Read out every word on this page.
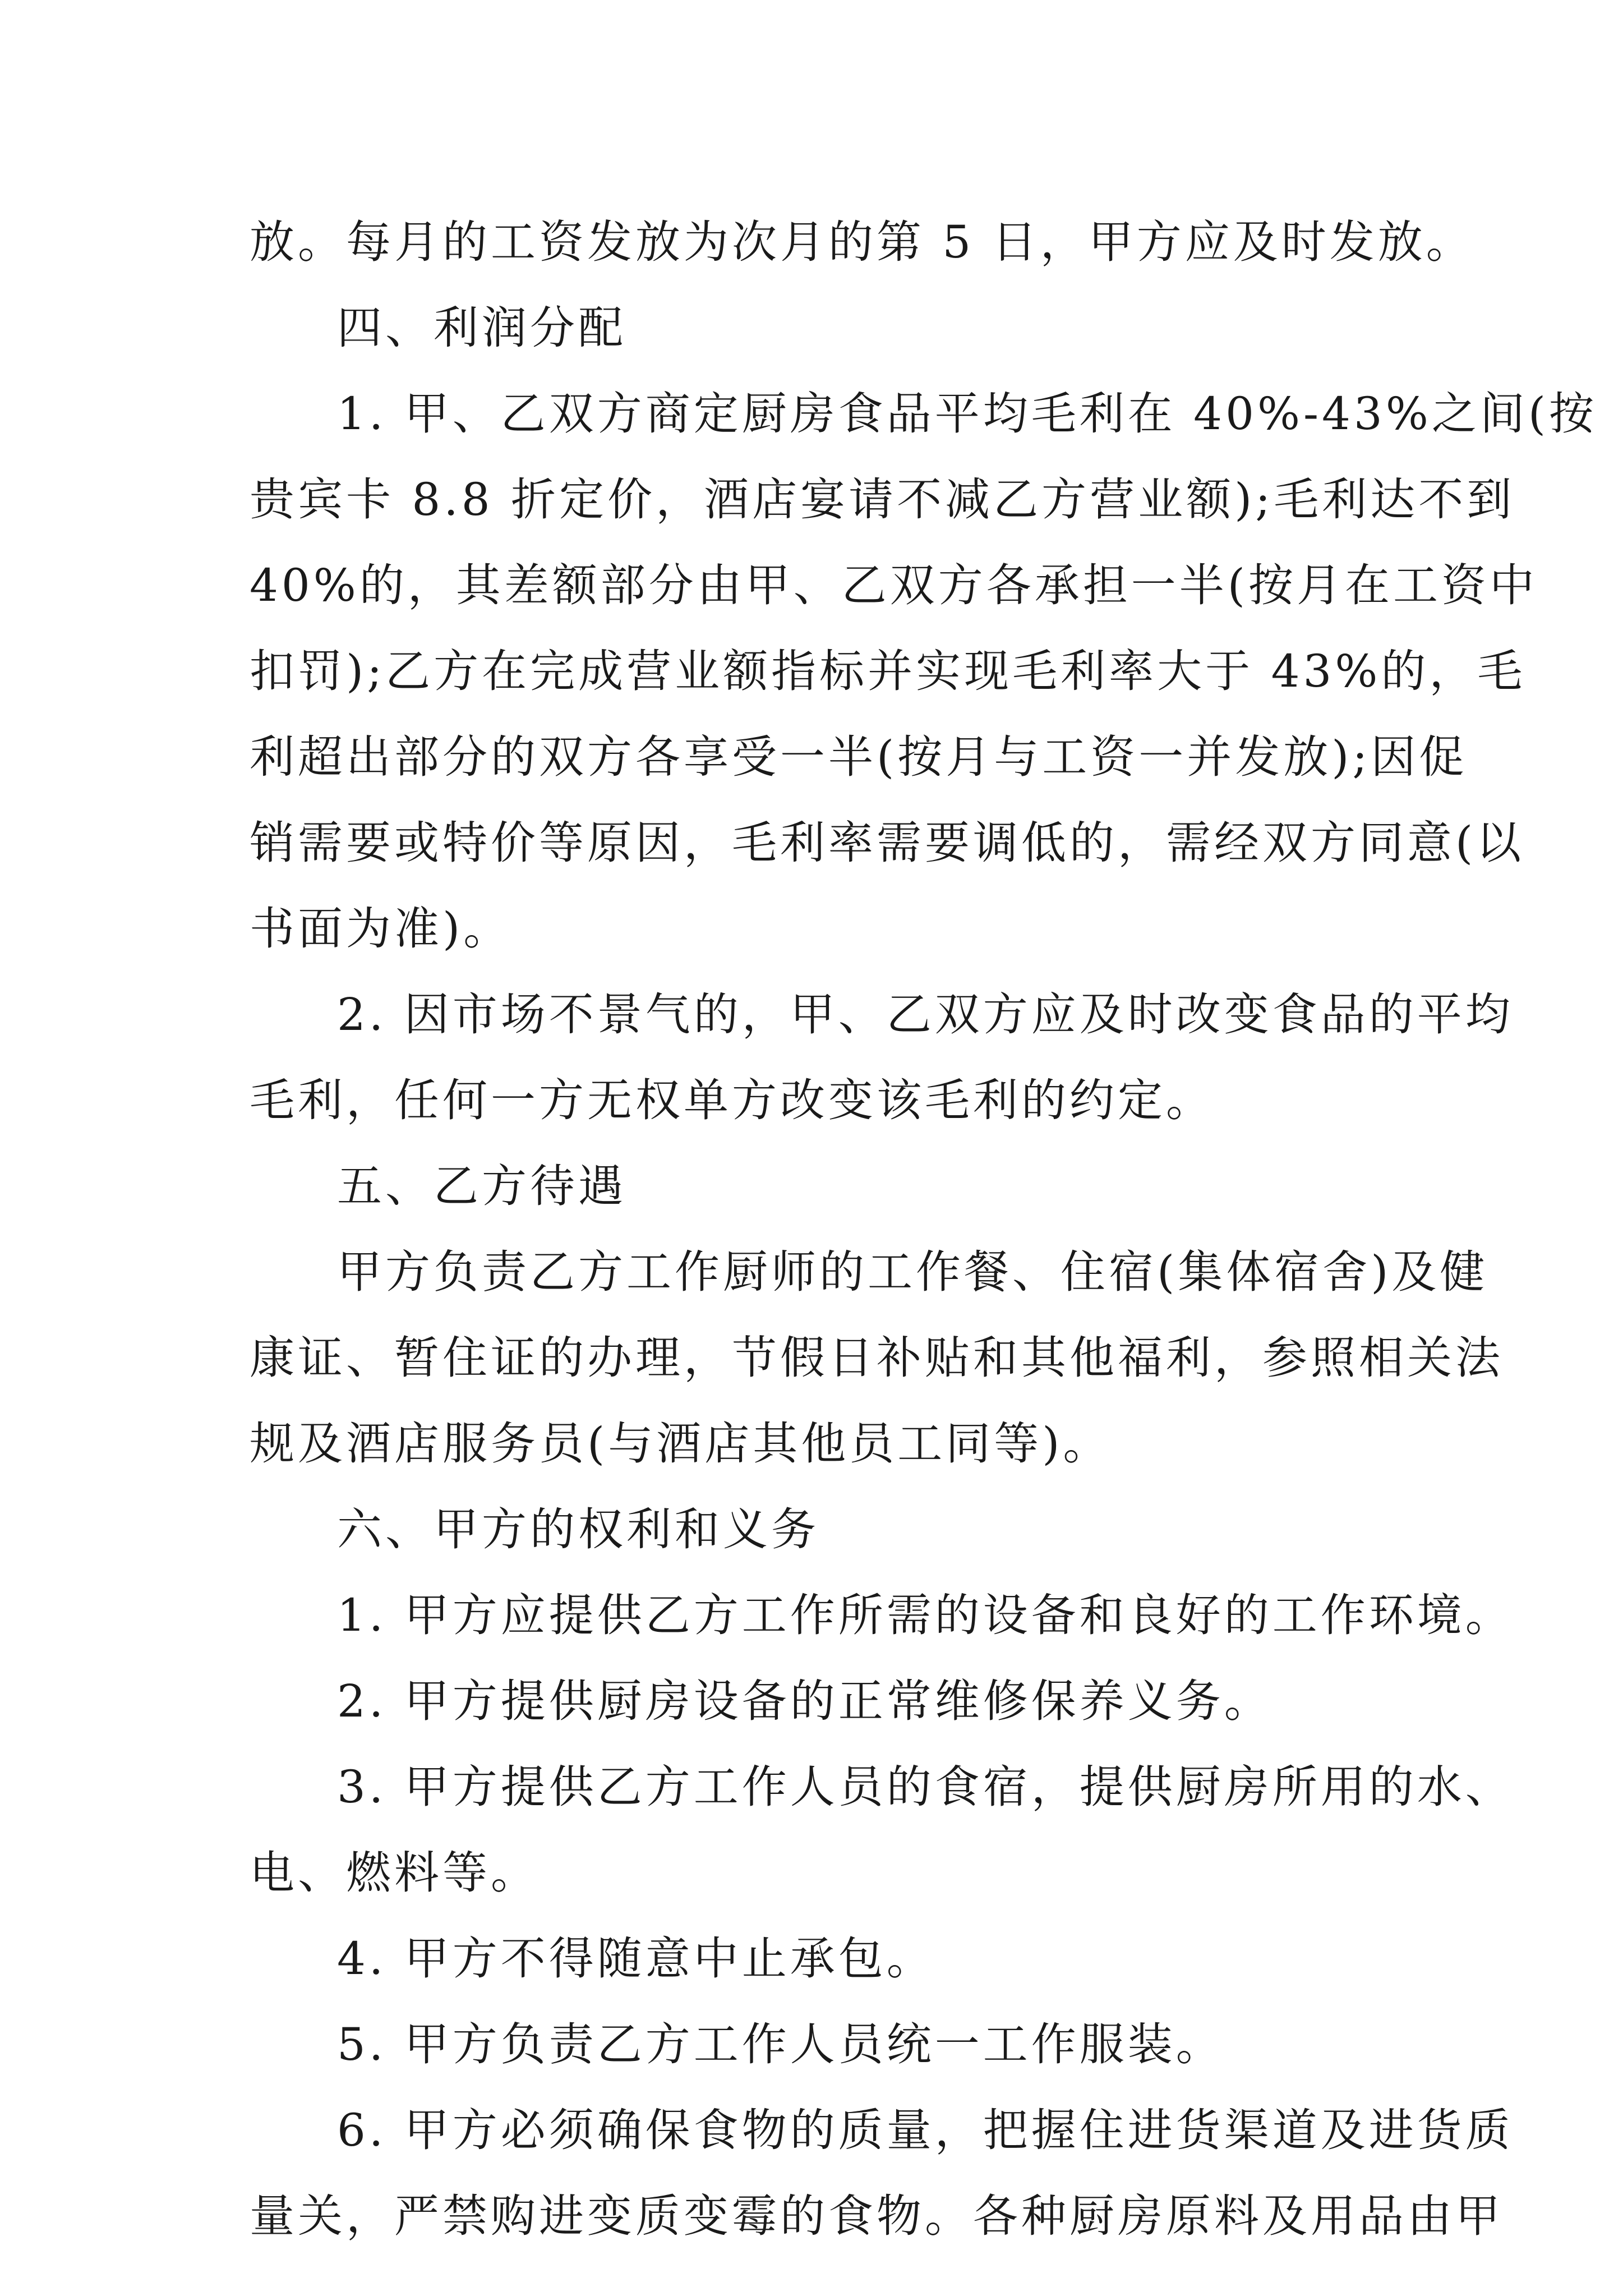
放。每月的工资发放为次月的第 5 日，甲方应及时发放。
四、利润分配
1. 甲、乙双方商定厨房食品平均毛利在 40%-43%之间(按
贵宾卡 8.8 折定价，酒店宴请不减乙方营业额);毛利达不到
40%的，其差额部分由甲、乙双方各承担一半(按月在工资中
扣罚);乙方在完成营业额指标并实现毛利率大于 43%的，毛
利超出部分的双方各享受一半(按月与工资一并发放);因促
销需要或特价等原因，毛利率需要调低的，需经双方同意(以
书面为准)。
2. 因市场不景气的，甲、乙双方应及时改变食品的平均
毛利，任何一方无权单方改变该毛利的约定。
五、乙方待遇
甲方负责乙方工作厨师的工作餐、住宿(集体宿舍)及健
康证、暂住证的办理，节假日补贴和其他福利，参照相关法
规及酒店服务员(与酒店其他员工同等)。
六、甲方的权利和义务
1. 甲方应提供乙方工作所需的设备和良好的工作环境。
2. 甲方提供厨房设备的正常维修保养义务。
3. 甲方提供乙方工作人员的食宿，提供厨房所用的水、
电、燃料等。
4. 甲方不得随意中止承包。
5. 甲方负责乙方工作人员统一工作服装。
6. 甲方必须确保食物的质量，把握住进货渠道及进货质
量关，严禁购进变质变霉的食物。各种厨房原料及用品由甲
